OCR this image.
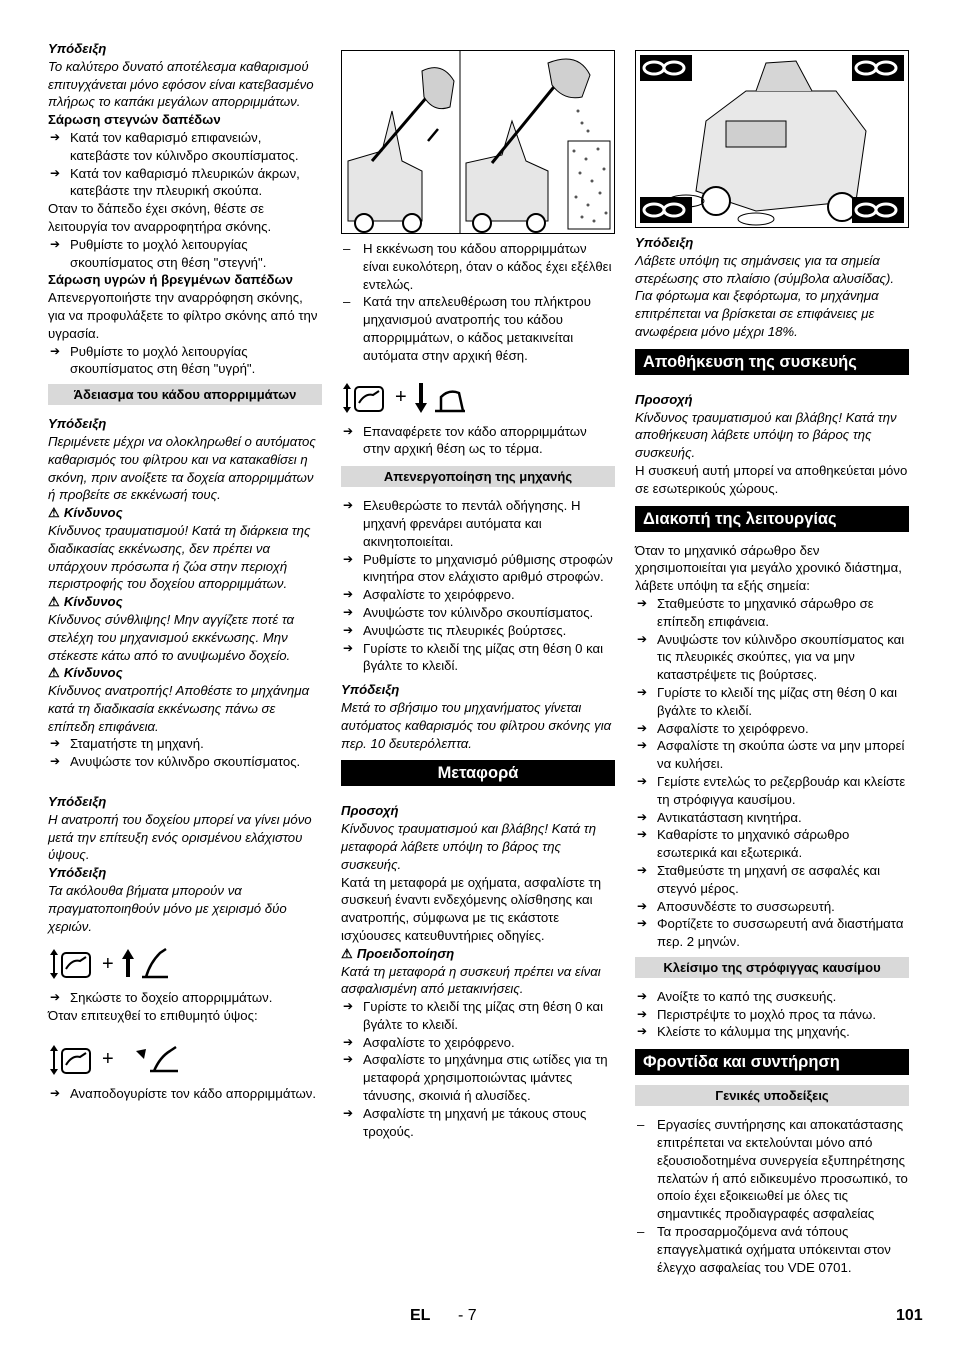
Υπόδειξη

Το καλύτερο δυνατό αποτέλεσμα καθαρισμού επιτυγχάνεται μόνο εφόσον είναι κατεβασμένο πλήρως το καπάκι μεγάλων απορριμμάτων.

Σάρωση στεγνών δαπέδων

➔ Κατά τον καθαρισμό επιφανειών, κατεβάστε τον κύλινδρο σκουπίσματος.

➔ Κατά τον καθαρισμό πλευρικών άκρων, κατεβάστε την πλευρική σκούπα.

Οταν το δάπεδο έχει σκόνη, θέστε σε λειτουργία τον αναρροφητήρα σκόνης.

➔ Ρυθμίστε το μοχλό λειτουργίας σκουπίσματος στη θέση "στεγνή".

Σάρωση υγρών ή βρεγμένων δαπέδων

Απενεργοποιήστε την αναρρόφηση σκόνης, για να προφυλάξετε το φίλτρο σκόνης από την υγρασία.

➔ Ρυθμίστε το μοχλό λειτουργίας σκουπίσματος στη θέση "υγρή".

Άδειασμα του κάδου απορριμμάτων

Υπόδειξη

Περιμένετε μέχρι να ολοκληρωθεί ο αυτόματος καθαρισμός του φίλτρου και να κατακαθίσει η σκόνη, πριν ανοίξετε τα δοχεία απορριμμάτων ή προβείτε σε εκκένωσή τους.

⚠ Κίνδυνος

Κίνδυνος τραυματισμού! Κατά τη διάρκεια της διαδικασίας εκκένωσης, δεν πρέπει να υπάρχουν πρόσωπα ή ζώα στην περιοχή περιστροφής του δοχείου απορριμμάτων.

⚠ Κίνδυνος

Κίνδυνος σύνθλιψης! Μην αγγίζετε ποτέ τα στελέχη του μηχανισμού εκκένωσης. Μην στέκεστε κάτω από το ανυψωμένο δοχείο.

⚠ Κίνδυνος

Κίνδυνος ανατροπής! Αποθέστε το μηχάνημα κατά τη διαδικασία εκκένωσης πάνω σε επίπεδη επιφάνεια.

➔ Σταματήστε τη μηχανή.

➔ Ανυψώστε τον κύλινδρο σκουπίσματος.

Υπόδειξη

Η ανατροπή του δοχείου μπορεί να γίνει μόνο μετά την επίτευξη ενός ορισμένου ελάχιστου ύψους.

Υπόδειξη

Τα ακόλουθα βήματα μπορούν να πραγματοποιηθούν μόνο με χειρισμό δύο χεριών.

+

➔ Σηκώστε το δοχείο απορριμμάτων.

Όταν επιτευχθεί το επιθυμητό ύψος:

+

➔ Αναποδογυρίστε τον κάδο απορριμμάτων.

– Η εκκένωση του κάδου απορριμμάτων είναι ευκολότερη, όταν ο κάδος έχει εξέλθει εντελώς.

– Κατά την απελευθέρωση του πλήκτρου μηχανισμού ανατροπής του κάδου απορριμμάτων, ο κάδος μετακινείται αυτόματα στην αρχική θέση.

+

➔ Επαναφέρετε τον κάδο απορριμμάτων στην αρχική θέση ως το τέρμα.

Απενεργοποίηση της μηχανής

➔ Ελευθερώστε το πεντάλ οδήγησης. Η μηχανή φρενάρει αυτόματα και ακινητοποιείται.

➔ Ρυθμίστε το μηχανισμό ρύθμισης στροφών κινητήρα στον ελάχιστο αριθμό στροφών.

➔ Ασφαλίστε το χειρόφρενο.

➔ Ανυψώστε τον κύλινδρο σκουπίσματος.

➔ Ανυψώστε τις πλευρικές βούρτσες.

➔ Γυρίστε το κλειδί της μίζας στη θέση 0 και βγάλτε το κλειδί.

Υπόδειξη

Μετά το σβήσιμο του μηχανήματος γίνεται αυτόματος καθαρισμός του φίλτρου σκόνης για περ. 10 δευτερόλεπτα.

Μεταφορά

Προσοχή

Κίνδυνος τραυματισμού και βλάβης! Κατά τη μεταφορά λάβετε υπόψη το βάρος της συσκευής.

Κατά τη μεταφορά με οχήματα, ασφαλίστε τη συσκευή έναντι ενδεχόμενης ολίσθησης και ανατροπής, σύμφωνα με τις εκάστοτε ισχύουσες κατευθυντήριες οδηγίες.

⚠ Προειδοποίηση

Κατά τη μεταφορά η συσκευή πρέπει να είναι ασφαλισμένη από μετακινήσεις.

➔ Γυρίστε το κλειδί της μίζας στη θέση 0 και βγάλτε το κλειδί.

➔ Ασφαλίστε το χειρόφρενο.

➔ Ασφαλίστε το μηχάνημα στις ωτίδες για τη μεταφορά χρησιμοποιώντας ιμάντες τάνυσης, σκοινιά ή αλυσίδες.

➔ Ασφαλίστε τη μηχανή με τάκους στους τροχούς.

Υπόδειξη

Λάβετε υπόψη τις σημάνσεις για τα σημεία στερέωσης στο πλαίσιο (σύμβολα αλυσίδας). Για φόρτωμα και ξεφόρτωμα, το μηχάνημα επιτρέπεται να βρίσκεται σε επιφάνειες με ανωφέρεια μόνο μέχρι 18%.

Αποθήκευση της συσκευής

Προσοχή

Κίνδυνος τραυματισμού και βλάβης! Κατά την αποθήκευση λάβετε υπόψη το βάρος της συσκευής.

Η συσκευή αυτή μπορεί να αποθηκεύεται μόνο σε εσωτερικούς χώρους.

Διακοπή της λειτουργίας

Όταν το μηχανικό σάρωθρο δεν χρησιμοποιείται για μεγάλο χρονικό διάστημα, λάβετε υπόψη τα εξής σημεία:

➔ Σταθμεύστε το μηχανικό σάρωθρο σε επίπεδη επιφάνεια.

➔ Ανυψώστε τον κύλινδρο σκουπίσματος και τις πλευρικές σκούπες, για να μην καταστρέψετε τις βούρτσες.

➔ Γυρίστε το κλειδί της μίζας στη θέση 0 και βγάλτε το κλειδί.

➔ Ασφαλίστε το χειρόφρενο.

➔ Ασφαλίστε τη σκούπα ώστε να μην μπορεί να κυλήσει.

➔ Γεμίστε εντελώς το ρεζερβουάρ και κλείστε τη στρόφιγγα καυσίμου.

➔ Αντικατάσταση κινητήρα.

➔ Καθαρίστε το μηχανικό σάρωθρο εσωτερικά και εξωτερικά.

➔ Σταθμεύστε τη μηχανή σε ασφαλές και στεγνό μέρος.

➔ Αποσυνδέστε το συσσωρευτή.

➔ Φορτίζετε το συσσωρευτή ανά διαστήματα περ. 2 μηνών.

Κλείσιμο της στρόφιγγας καυσίμου

➔ Ανοίξτε το καπό της συσκευής.

➔ Περιστρέψτε το μοχλό προς τα πάνω.

➔ Κλείστε το κάλυμμα της μηχανής.

Φροντίδα και συντήρηση
Γενικές υποδείξεις

– Εργασίες συντήρησης και αποκατάστασης επιτρέπεται να εκτελούνται μόνο από εξουσιοδοτημένα συνεργεία εξυπηρέτησης πελατών ή από ειδικευμένο προσωπικό, το οποίο έχει εξοικειωθεί με όλες τις σημαντικές προδιαγραφές ασφαλείας

– Τα προσαρμοζόμενα ανά τόπους επαγγελματικά οχήματα υπόκεινται στον έλεγχο ασφαλείας του VDE 0701.

EL - 7	101
